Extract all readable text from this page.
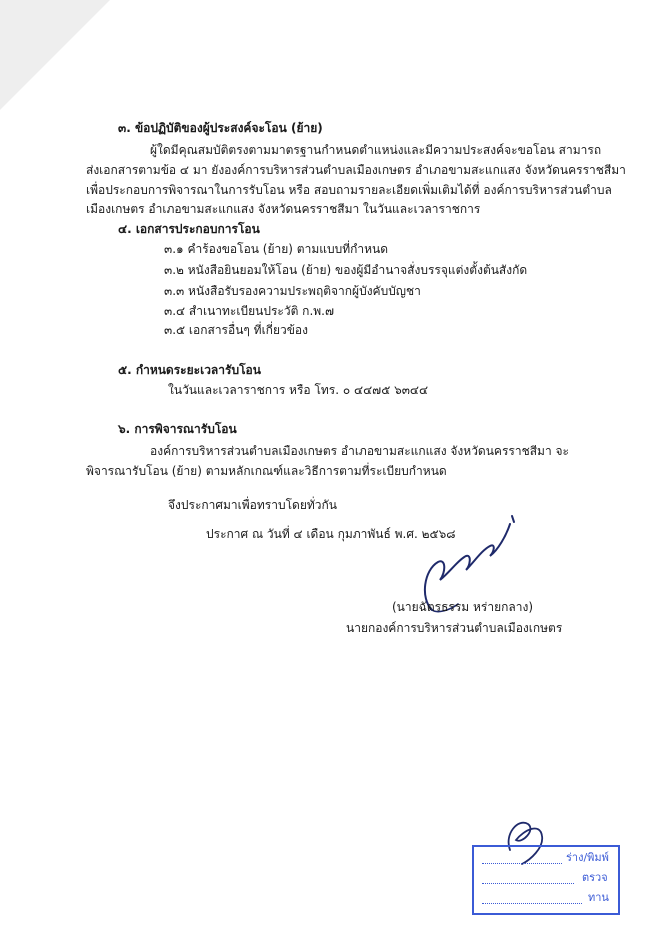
๓. ข้อปฏิบัติของผู้ประสงค์จะโอน (ย้าย)
ผู้ใดมีคุณสมบัติตรงตามมาตรฐานกำหนดตำแหน่งและมีความประสงค์จะขอโอน สามารถ
ส่งเอกสารตามข้อ ๔ มา ยังองค์การบริหารส่วนตำบลเมืองเกษตร อำเภอขามสะแกแสง จังหวัดนครราชสีมา
เพื่อประกอบการพิจารณาในการรับโอน หรือ สอบถามรายละเอียดเพิ่มเติมได้ที่ องค์การบริหารส่วนตำบล
เมืองเกษตร อำเภอขามสะแกแสง จังหวัดนครราชสีมา ในวันและเวลาราชการ
๔. เอกสารประกอบการโอน
๓.๑ คำร้องขอโอน (ย้าย) ตามแบบที่กำหนด
๓.๒ หนังสือยินยอมให้โอน (ย้าย) ของผู้มีอำนาจสั่งบรรจุแต่งตั้งต้นสังกัด
๓.๓ หนังสือรับรองความประพฤติจากผู้บังคับบัญชา
๓.๔ สำเนาทะเบียนประวัติ ก.พ.๗
๓.๕ เอกสารอื่นๆ ที่เกี่ยวข้อง
๕. กำหนดระยะเวลารับโอน
ในวันและเวลาราชการ หรือ โทร. ๐ ๔๔๗๕ ๖๓๔๔
๖. การพิจารณารับโอน
องค์การบริหารส่วนตำบลเมืองเกษตร อำเภอขามสะแกแสง จังหวัดนครราชสีมา จะ
พิจารณารับโอน (ย้าย) ตามหลักเกณฑ์และวิธีการตามที่ระเบียบกำหนด
จึงประกาศมาเพื่อทราบโดยทั่วกัน
ประกาศ ณ วันที่ ๔ เดือน กุมภาพันธ์ พ.ศ. ๒๕๖๘
(นายฉัตรธรรม หร่ายกลาง)
นายกองค์การบริหารส่วนตำบลเมืองเกษตร
ร่าง/พิมพ์
ตรวจ
ทาน
